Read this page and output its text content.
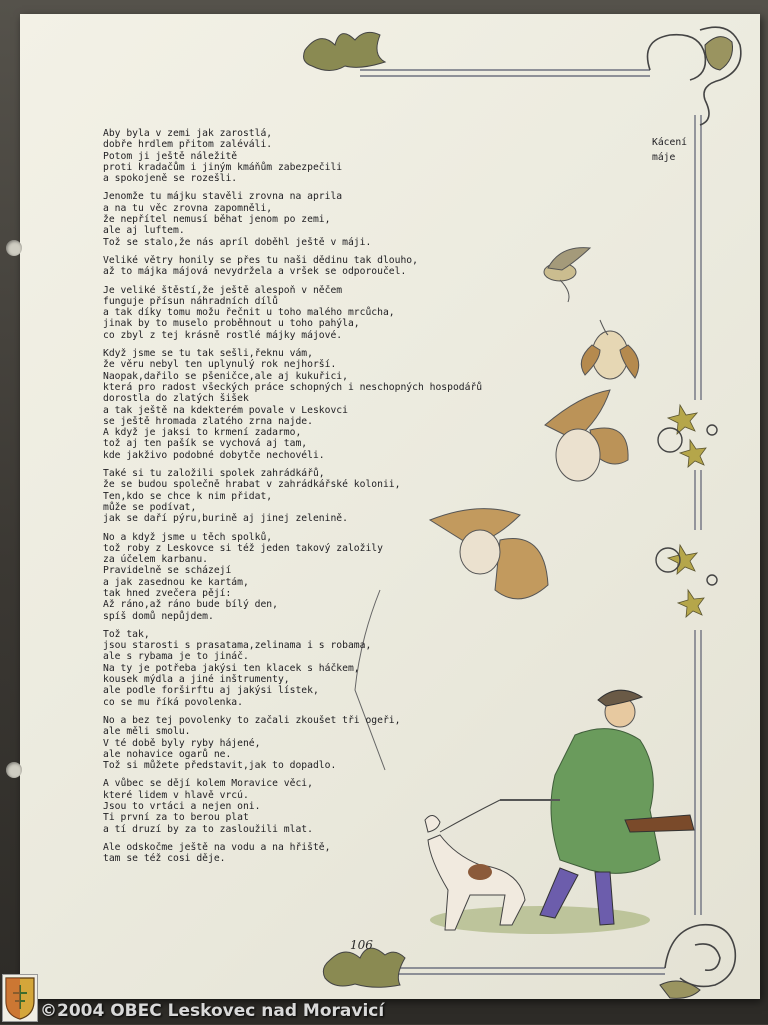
Kácení
máje
Aby byla v zemi jak zarostlá,
dobře hrdlem přitom zaléváli.
Potom ji ještě náležitě
proti kradačům i jiným kmáňům zabezpečili
a spokojeně se rozešli.
Jenomže tu májku stavěli zrovna na aprila
a na tu věc zrovna zapomněli,
že nepřítel nemusí běhat jenom po zemi,
ale aj luftem.
Tož se stalo,že nás apríl doběhl ještě v máji.
Veliké větry honily se přes tu naši dědinu tak dlouho,
až to májka májová nevydržela a vršek se odporoučel.
Je veliké štěstí,že ještě alespoň v něčem
funguje přísun náhradních dílů
a tak díky tomu možu řečnit u toho malého mrcůcha,
jinak by to muselo proběhnout u toho pahýla,
co zbyl z tej krásně rostlé májky májové.
Když jsme se tu tak sešli,řeknu vám,
že věru nebyl ten uplynulý rok nejhorší.
Naopak,dařilo se pšeničce,ale aj kukuřici,
která pro radost všeckých práce schopných i neschopných hospodářů
dorostla do zlatých šišek
a tak ještě na kdekterém povale v Leskovci
se ještě hromada zlatého zrna najde.
A když je jaksi to krmení zadarmo,
tož aj ten pašík se vychová aj tam,
kde jakživo podobné dobytče nechovéli.
Také si tu založili spolek zahrádkářů,
že se budou společně hrabat v zahrádkářské kolonii,
Ten,kdo se chce k nim přidat,
může se podívat,
jak se daří pýru,burině aj jinej zelenině.
No a když jsme u těch spolků,
tož roby z Leskovce si též jeden takový založily
za účelem karbanu.
Pravidelně se scházejí
a jak zasednou ke kartám,
tak hned zvečera pějí:
Až ráno,až ráno bude bílý den,
spíš domů nepůjdem.
Tož tak,
jsou starosti s prasatama,zelinama i s robama,
ale s rybama je to jináč.
Na ty je potřeba jakýsi ten klacek s háčkem,
kousek mýdla a jiné inštrumenty,
ale podle forširftu aj jakýsi lístek,
co se mu říká povolenka.
No a bez tej povolenky to začali zkoušet tři ogeři,
ale měli smolu.
V té době byly ryby hájené,
ale nohavice ogarů ne.
Tož si můžete představit,jak to dopadlo.
A vůbec se dějí kolem Moravice věci,
které lidem v hlavě vrcú.
Jsou to vrtáci a nejen oni.
Ti první za to berou plat
a tí druzí by za to zasloužili mlat.
Ale odskočme ještě na vodu a na hřiště,
tam se též cosi děje.
106
©2004 OBEC Leskovec nad Moravicí
